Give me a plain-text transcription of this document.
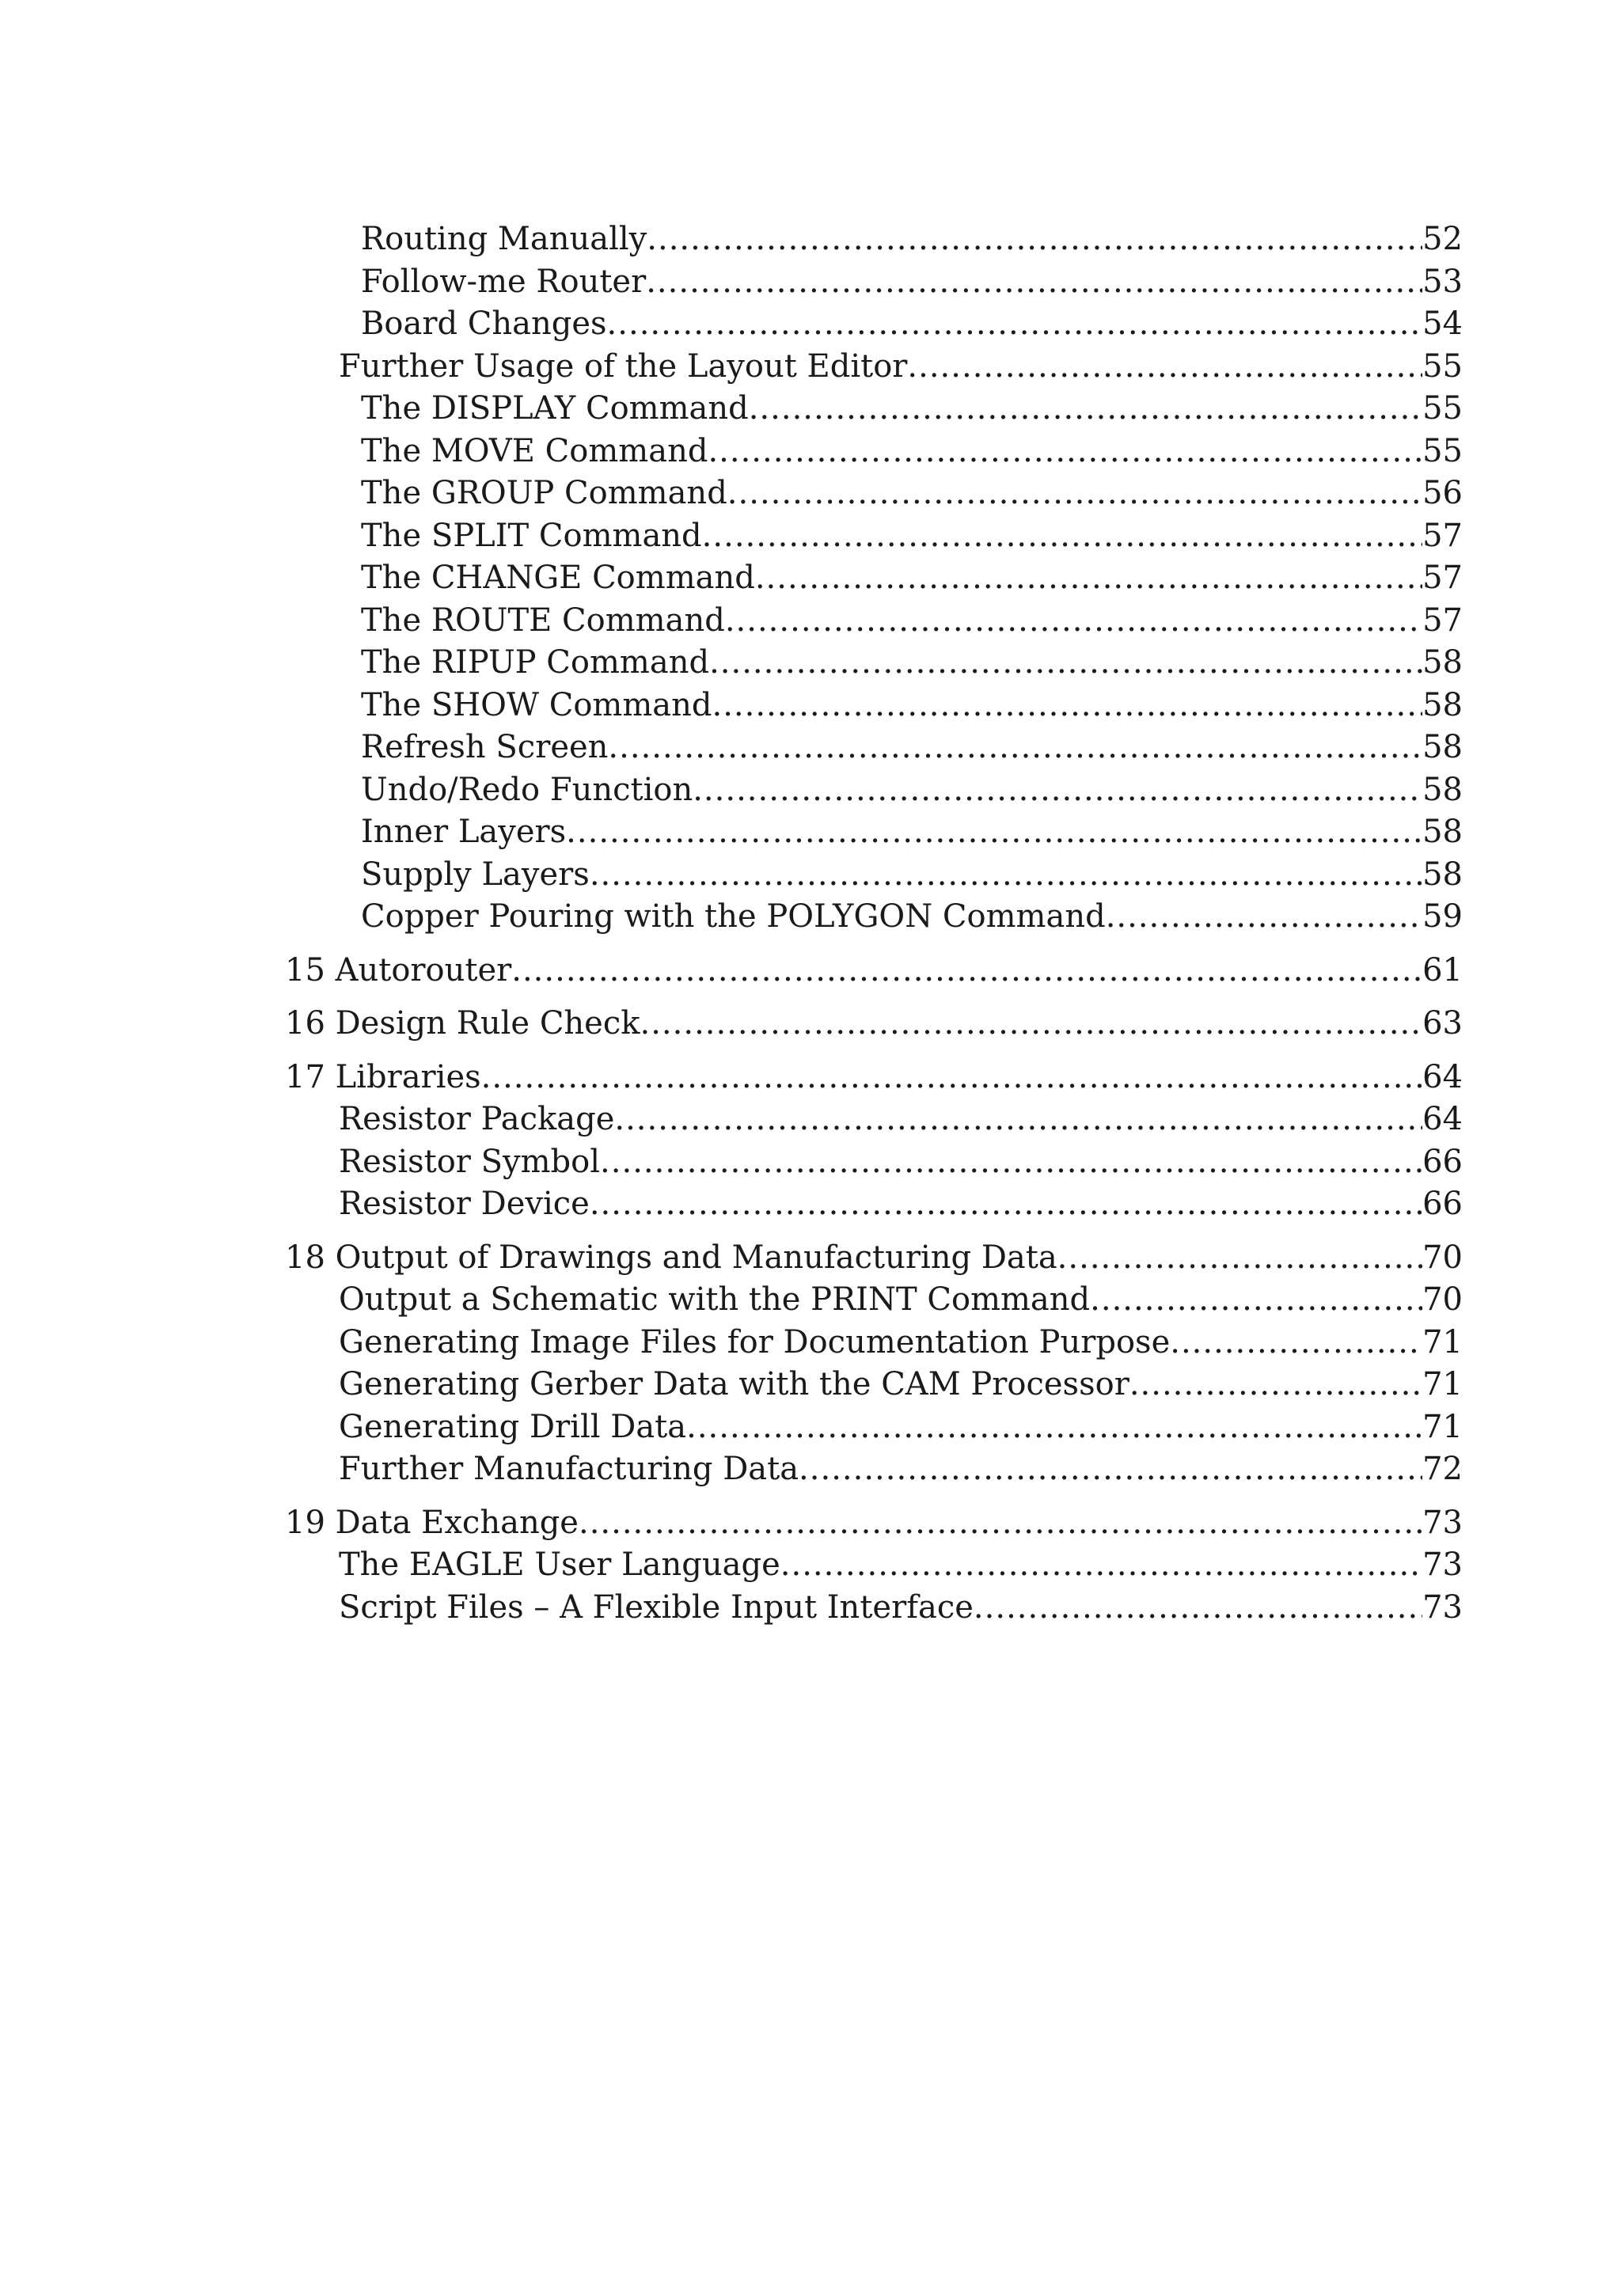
Routing Manually .....	52
Follow-me Router .....	53
Board Changes .....	54
Further Usage of the Layout Editor .....	55
The DISPLAY Command .....	55
The MOVE Command .....	55
The GROUP Command .....	56
The SPLIT Command .....	57
The CHANGE Command .....	57
The ROUTE Command .....	57
The RIPUP Command .....	58
The SHOW Command .....	58
Refresh Screen .....	58
Undo/Redo Function .....	58
Inner Layers .....	58
Supply Layers .....	58
Copper Pouring with the POLYGON Command .....	59
15 Autorouter .....	61
16 Design Rule Check .....	63
17 Libraries .....	64
Resistor Package .....	64
Resistor Symbol .....	66
Resistor Device .....	66
18 Output of Drawings and Manufacturing Data .....	70
Output a Schematic with the PRINT Command .....	70
Generating Image Files for Documentation Purpose .....	71
Generating Gerber Data with the CAM Processor .....	71
Generating Drill Data .....	71
Further Manufacturing Data .....	72
19 Data Exchange .....	73
The EAGLE User Language .....	73
Script Files – A Flexible Input Interface .....	73
